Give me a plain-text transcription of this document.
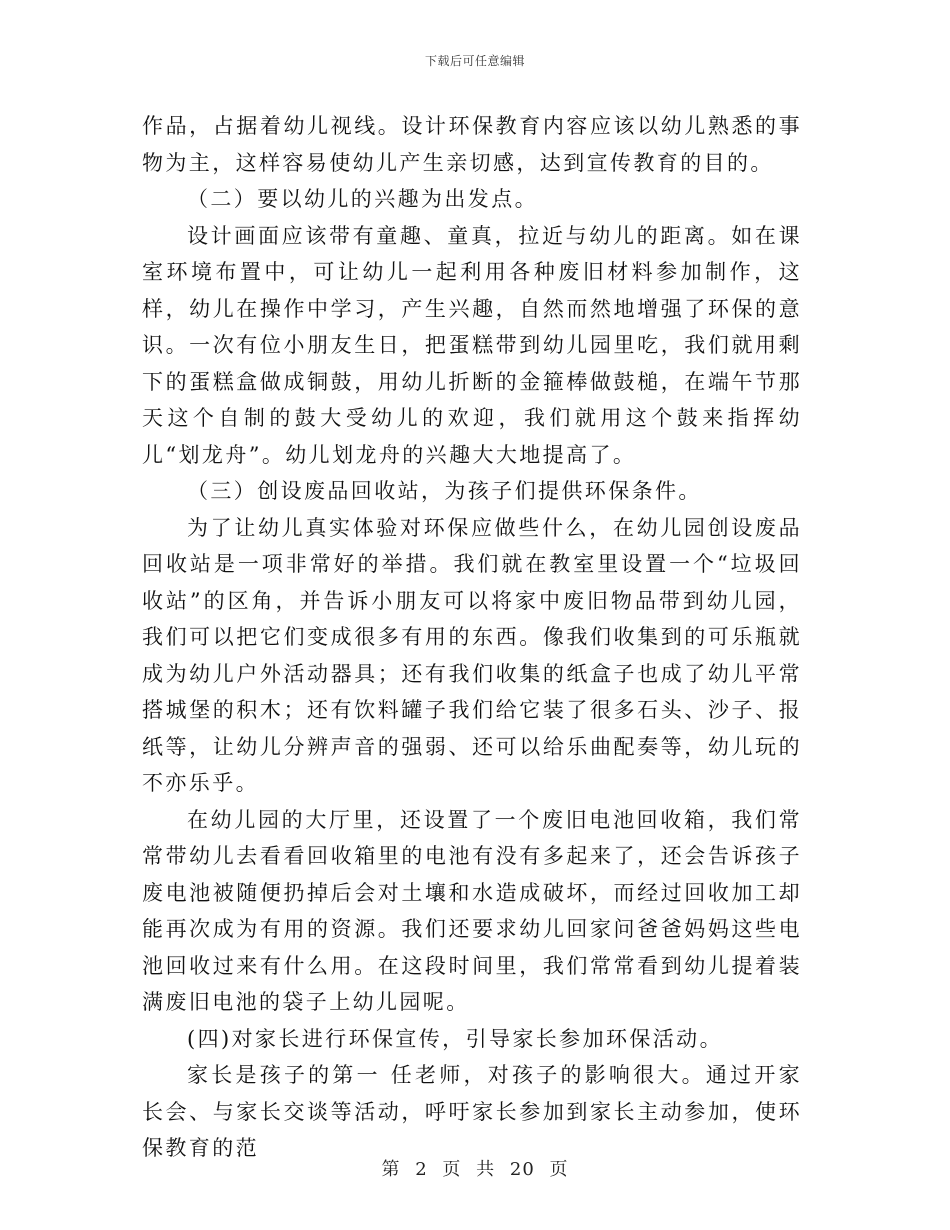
下载后可任意编辑

作品，占据着幼儿视线。设计环保教育内容应该以幼儿熟悉的事物为主，这样容易使幼儿产生亲切感，达到宣传教育的目的。

（二）要以幼儿的兴趣为出发点。

设计画面应该带有童趣、童真，拉近与幼儿的距离。如在课室环境布置中，可让幼儿一起利用各种废旧材料参加制作，这样，幼儿在操作中学习，产生兴趣，自然而然地增强了环保的意识。一次有位小朋友生日，把蛋糕带到幼儿园里吃，我们就用剩下的蛋糕盒做成铜鼓，用幼儿折断的金箍棒做鼓槌，在端午节那天这个自制的鼓大受幼儿的欢迎，我们就用这个鼓来指挥幼儿“划龙舟”。幼儿划龙舟的兴趣大大地提高了。

（三）创设废品回收站，为孩子们提供环保条件。

为了让幼儿真实体验对环保应做些什么，在幼儿园创设废品回收站是一项非常好的举措。我们就在教室里设置一个“垃圾回收站”的区角，并告诉小朋友可以将家中废旧物品带到幼儿园，我们可以把它们变成很多有用的东西。像我们收集到的可乐瓶就成为幼儿户外活动器具；还有我们收集的纸盒子也成了幼儿平常搭城堡的积木；还有饮料罐子我们给它装了很多石头、沙子、报纸等，让幼儿分辨声音的强弱、还可以给乐曲配奏等，幼儿玩的不亦乐乎。

在幼儿园的大厅里，还设置了一个废旧电池回收箱，我们常常带幼儿去看看回收箱里的电池有没有多起来了，还会告诉孩子废电池被随便扔掉后会对土壤和水造成破坏，而经过回收加工却能再次成为有用的资源。我们还要求幼儿回家问爸爸妈妈这些电池回收过来有什么用。在这段时间里，我们常常看到幼儿提着装满废旧电池的袋子上幼儿园呢。

(四)对家长进行环保宣传，引导家长参加环保活动。

家长是孩子的第一 任老师，对孩子的影响很大。通过开家长会、与家长交谈等活动，呼吁家长参加到家长主动参加，使环保教育的范

第 2 页 共 20 页
